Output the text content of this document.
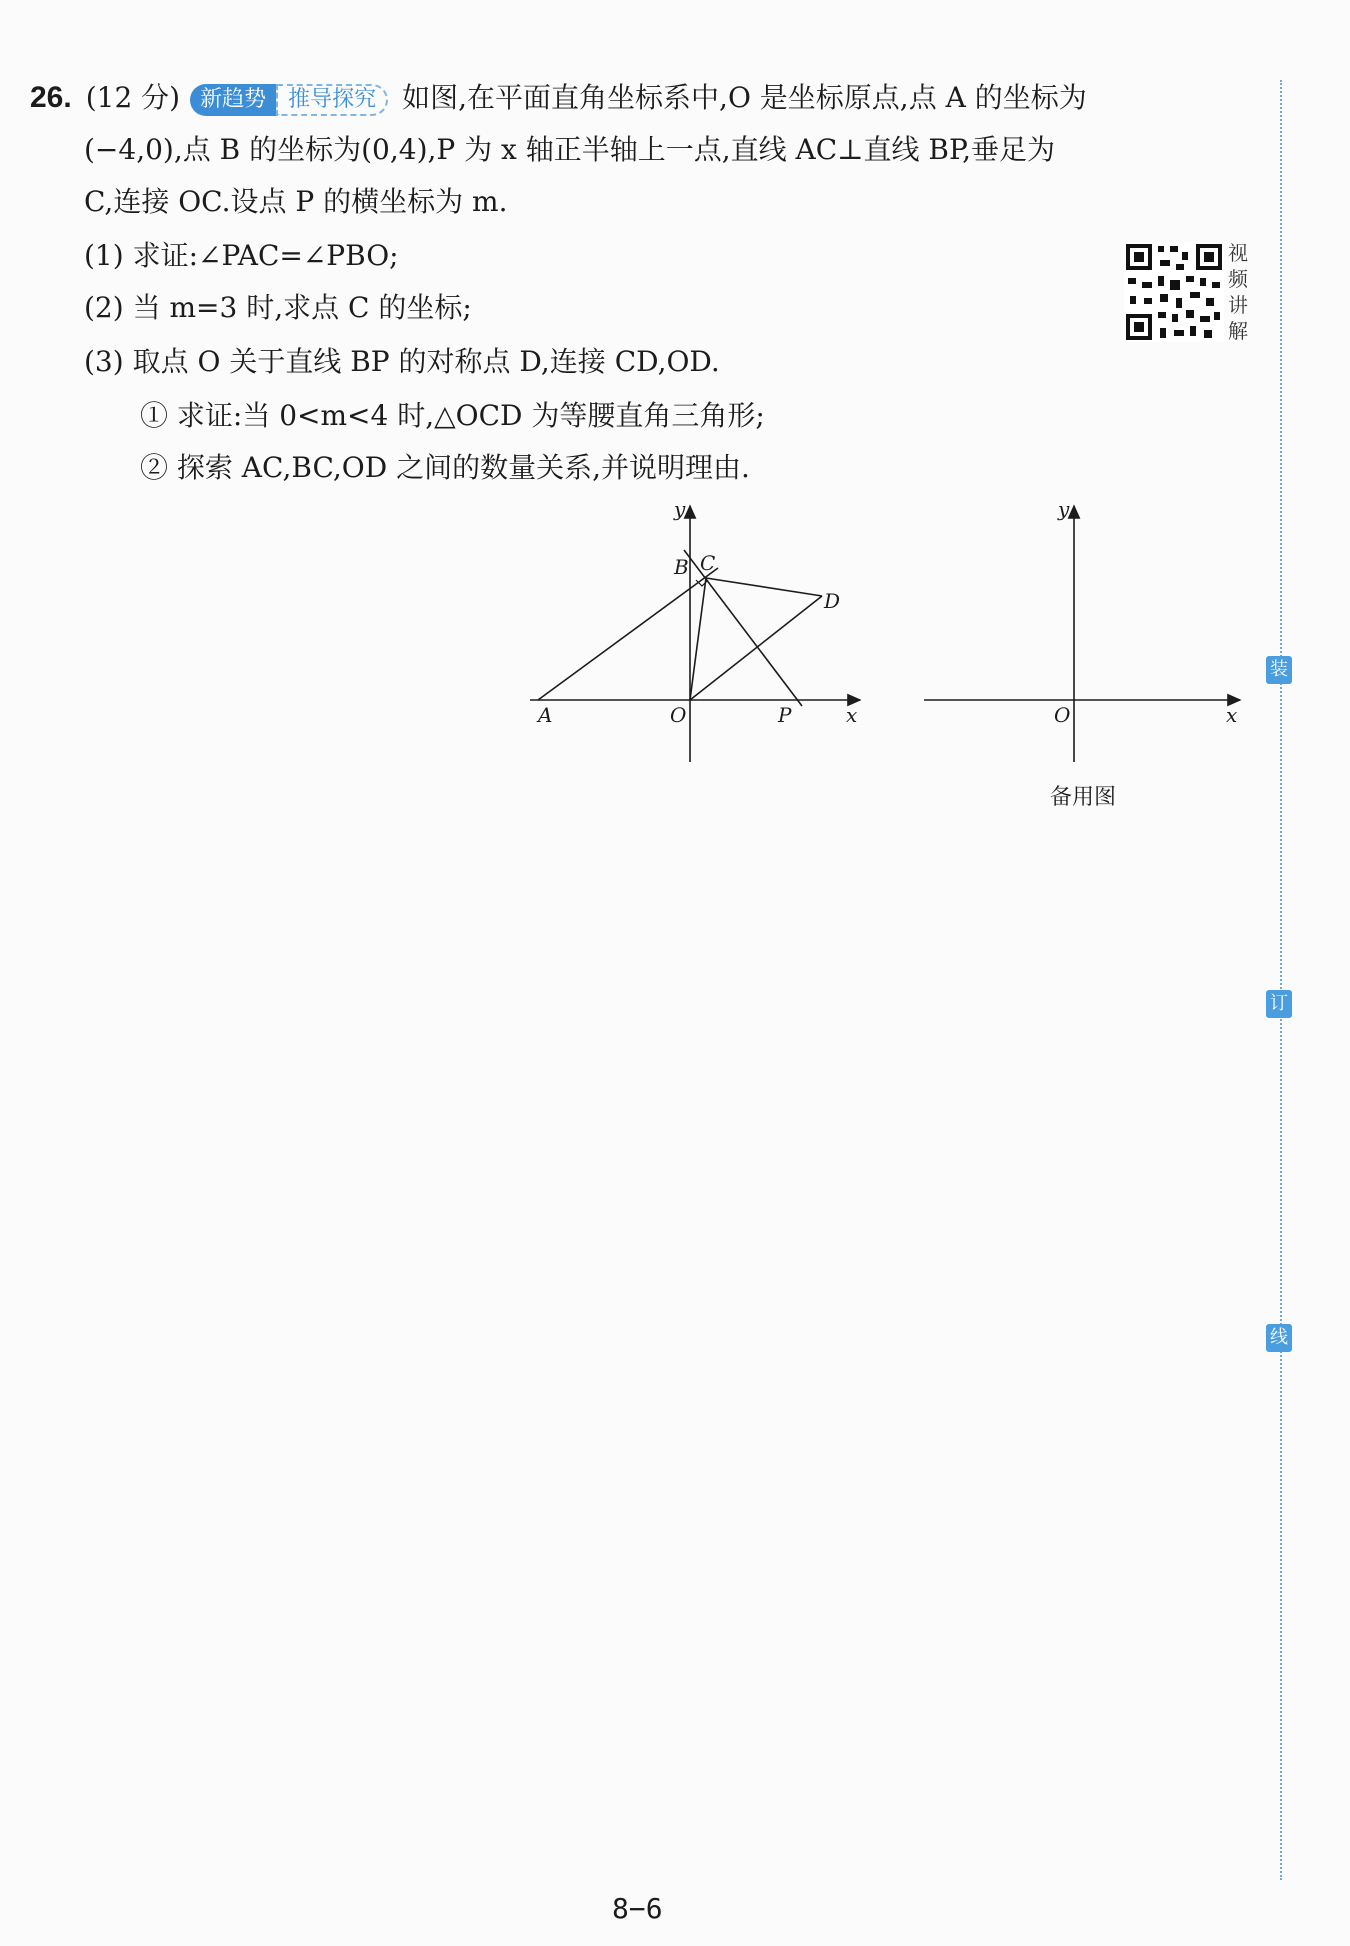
26. (12 分) 新趋势 推导探究 如图,在平面直角坐标系中,O 是坐标原点,点 A 的坐标为
(−4,0),点 B 的坐标为(0,4),P 为 x 轴正半轴上一点,直线 AC⊥直线 BP,垂足为
C,连接 OC.设点 P 的横坐标为 m.
(1) 求证:∠PAC=∠PBO;
(2) 当 m=3 时,求点 C 的坐标;
(3) 取点 O 关于直线 BP 的对称点 D,连接 CD,OD.
① 求证:当 0<m<4 时,△OCD 为等腰直角三角形;
② 探索 AC,BC,OD 之间的数量关系,并说明理由.
视频讲解
y
x
A	O	P
B C
D
y
x
O
备用图
装
订
线
8−6
